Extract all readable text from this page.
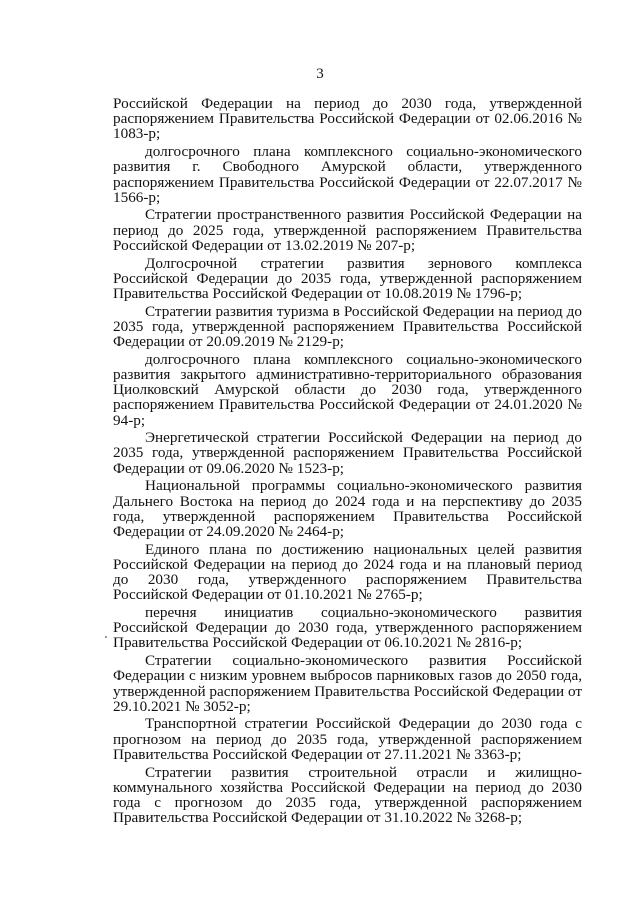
3

Российской Федерации на период до 2030 года, утвержденной распоряжением Правительства Российской Федерации от 02.06.2016 № 1083-р;

долгосрочного плана комплексного социально-экономического развития г. Свободного Амурской области, утвержденного распоряжением Правительства Российской Федерации от 22.07.2017 № 1566-р;

Стратегии пространственного развития Российской Федерации на период до 2025 года, утвержденной распоряжением Правительства Российской Федерации от 13.02.2019 № 207-р;

Долгосрочной стратегии развития зернового комплекса Российской Федерации до 2035 года, утвержденной распоряжением Правительства Российской Федерации от 10.08.2019 № 1796-р;

Стратегии развития туризма в Российской Федерации на период до 2035 года, утвержденной распоряжением Правительства Российской Федерации от 20.09.2019 № 2129-р;

долгосрочного плана комплексного социально-экономического развития закрытого административно-территориального образования Циолковский Амурской области до 2030 года, утвержденного распоряжением Правительства Российской Федерации от 24.01.2020 № 94-р;

Энергетической стратегии Российской Федерации на период до 2035 года, утвержденной распоряжением Правительства Российской Федерации от 09.06.2020 № 1523-р;

Национальной программы социально-экономического развития Дальнего Востока на период до 2024 года и на перспективу до 2035 года, утвержденной распоряжением Правительства Российской Федерации от 24.09.2020 № 2464-р;

Единого плана по достижению национальных целей развития Российской Федерации на период до 2024 года и на плановый период до 2030 года, утвержденного распоряжением Правительства Российской Федерации от 01.10.2021 № 2765-р;

перечня инициатив социально-экономического развития Российской Федерации до 2030 года, утвержденного распоряжением Правительства Российской Федерации от 06.10.2021 № 2816-р;

Стратегии социально-экономического развития Российской Федерации с низким уровнем выбросов парниковых газов до 2050 года, утвержденной распоряжением Правительства Российской Федерации от 29.10.2021 № 3052-р;

Транспортной стратегии Российской Федерации до 2030 года с прогнозом на период до 2035 года, утвержденной распоряжением Правительства Российской Федерации от 27.11.2021 № 3363-р;

Стратегии развития строительной отрасли и жилищно-коммунального хозяйства Российской Федерации на период до 2030 года с прогнозом до 2035 года, утвержденной распоряжением Правительства Российской Федерации от 31.10.2022 № 3268-р;
